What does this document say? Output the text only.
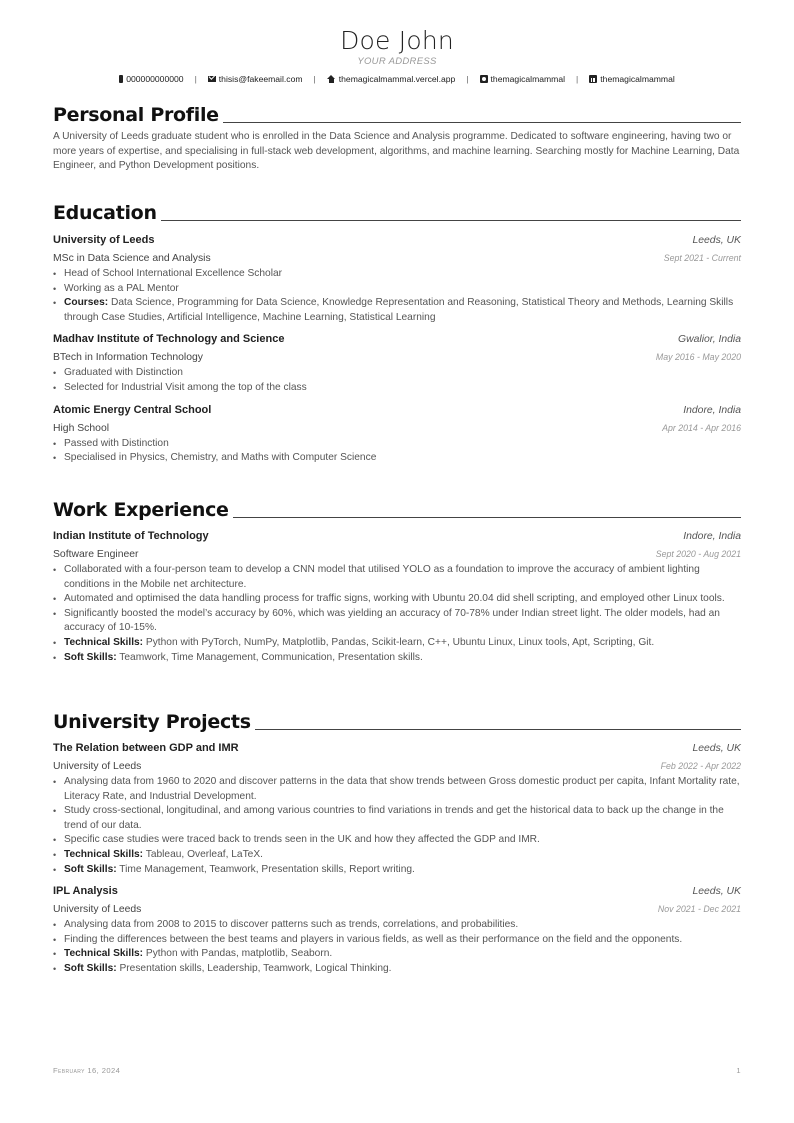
Doe John
YOUR ADDRESS
000000000000	|	thisis@fakeemail.com	|	themagicalmammal.vercel.app	|	themagicalmammal	|	themagicalmammal
Personal Profile
A University of Leeds graduate student who is enrolled in the Data Science and Analysis programme. Dedicated to software engineering, having two or more years of expertise, and specialising in full-stack web development, algorithms, and machine learning. Searching mostly for Machine Learning, Data Engineer, and Python Development positions.
Education
University of Leeds	Leeds, UK
MSc in Data Science and Analysis	Sept 2021 - Current
• Head of School International Excellence Scholar
• Working as a PAL Mentor
• Courses: Data Science, Programming for Data Science, Knowledge Representation and Reasoning, Statistical Theory and Methods, Learning Skills through Case Studies, Artificial Intelligence, Machine Learning, Statistical Learning
Madhav Institute of Technology and Science	Gwalior, India
BTech in Information Technology	May 2016 - May 2020
• Graduated with Distinction
• Selected for Industrial Visit among the top of the class
Atomic Energy Central School	Indore, India
High School	Apr 2014 - Apr 2016
• Passed with Distinction
• Specialised in Physics, Chemistry, and Maths with Computer Science
Work Experience
Indian Institute of Technology	Indore, India
Software Engineer	Sept 2020 - Aug 2021
• Collaborated with a four-person team to develop a CNN model that utilised YOLO as a foundation to improve the accuracy of ambient lighting conditions in the Mobile net architecture.
• Automated and optimised the data handling process for traffic signs, working with Ubuntu 20.04 did shell scripting, and employed other Linux tools.
• Significantly boosted the model’s accuracy by 60%, which was yielding an accuracy of 70-78% under Indian street light. The older models, had an accuracy of 10-15%.
• Technical Skills: Python with PyTorch, NumPy, Matplotlib, Pandas, Scikit-learn, C++, Ubuntu Linux, Linux tools, Apt, Scripting, Git.
• Soft Skills: Teamwork, Time Management, Communication, Presentation skills.
University Projects
The Relation between GDP and IMR	Leeds, UK
University of Leeds	Feb 2022 - Apr 2022
• Analysing data from 1960 to 2020 and discover patterns in the data that show trends between Gross domestic product per capita, Infant Mortality rate, Literacy Rate, and Industrial Development.
• Study cross-sectional, longitudinal, and among various countries to find variations in trends and get the historical data to back up the change in the trend of our data.
• Specific case studies were traced back to trends seen in the UK and how they affected the GDP and IMR.
• Technical Skills: Tableau, Overleaf, LaTeX.
• Soft Skills: Time Management, Teamwork, Presentation skills, Report writing.
IPL Analysis	Leeds, UK
University of Leeds	Nov 2021 - Dec 2021
• Analysing data from 2008 to 2015 to discover patterns such as trends, correlations, and probabilities.
• Finding the differences between the best teams and players in various fields, as well as their performance on the field and the opponents.
• Technical Skills: Python with Pandas, matplotlib, Seaborn.
• Soft Skills: Presentation skills, Leadership, Teamwork, Logical Thinking.
February 16, 2024	1
